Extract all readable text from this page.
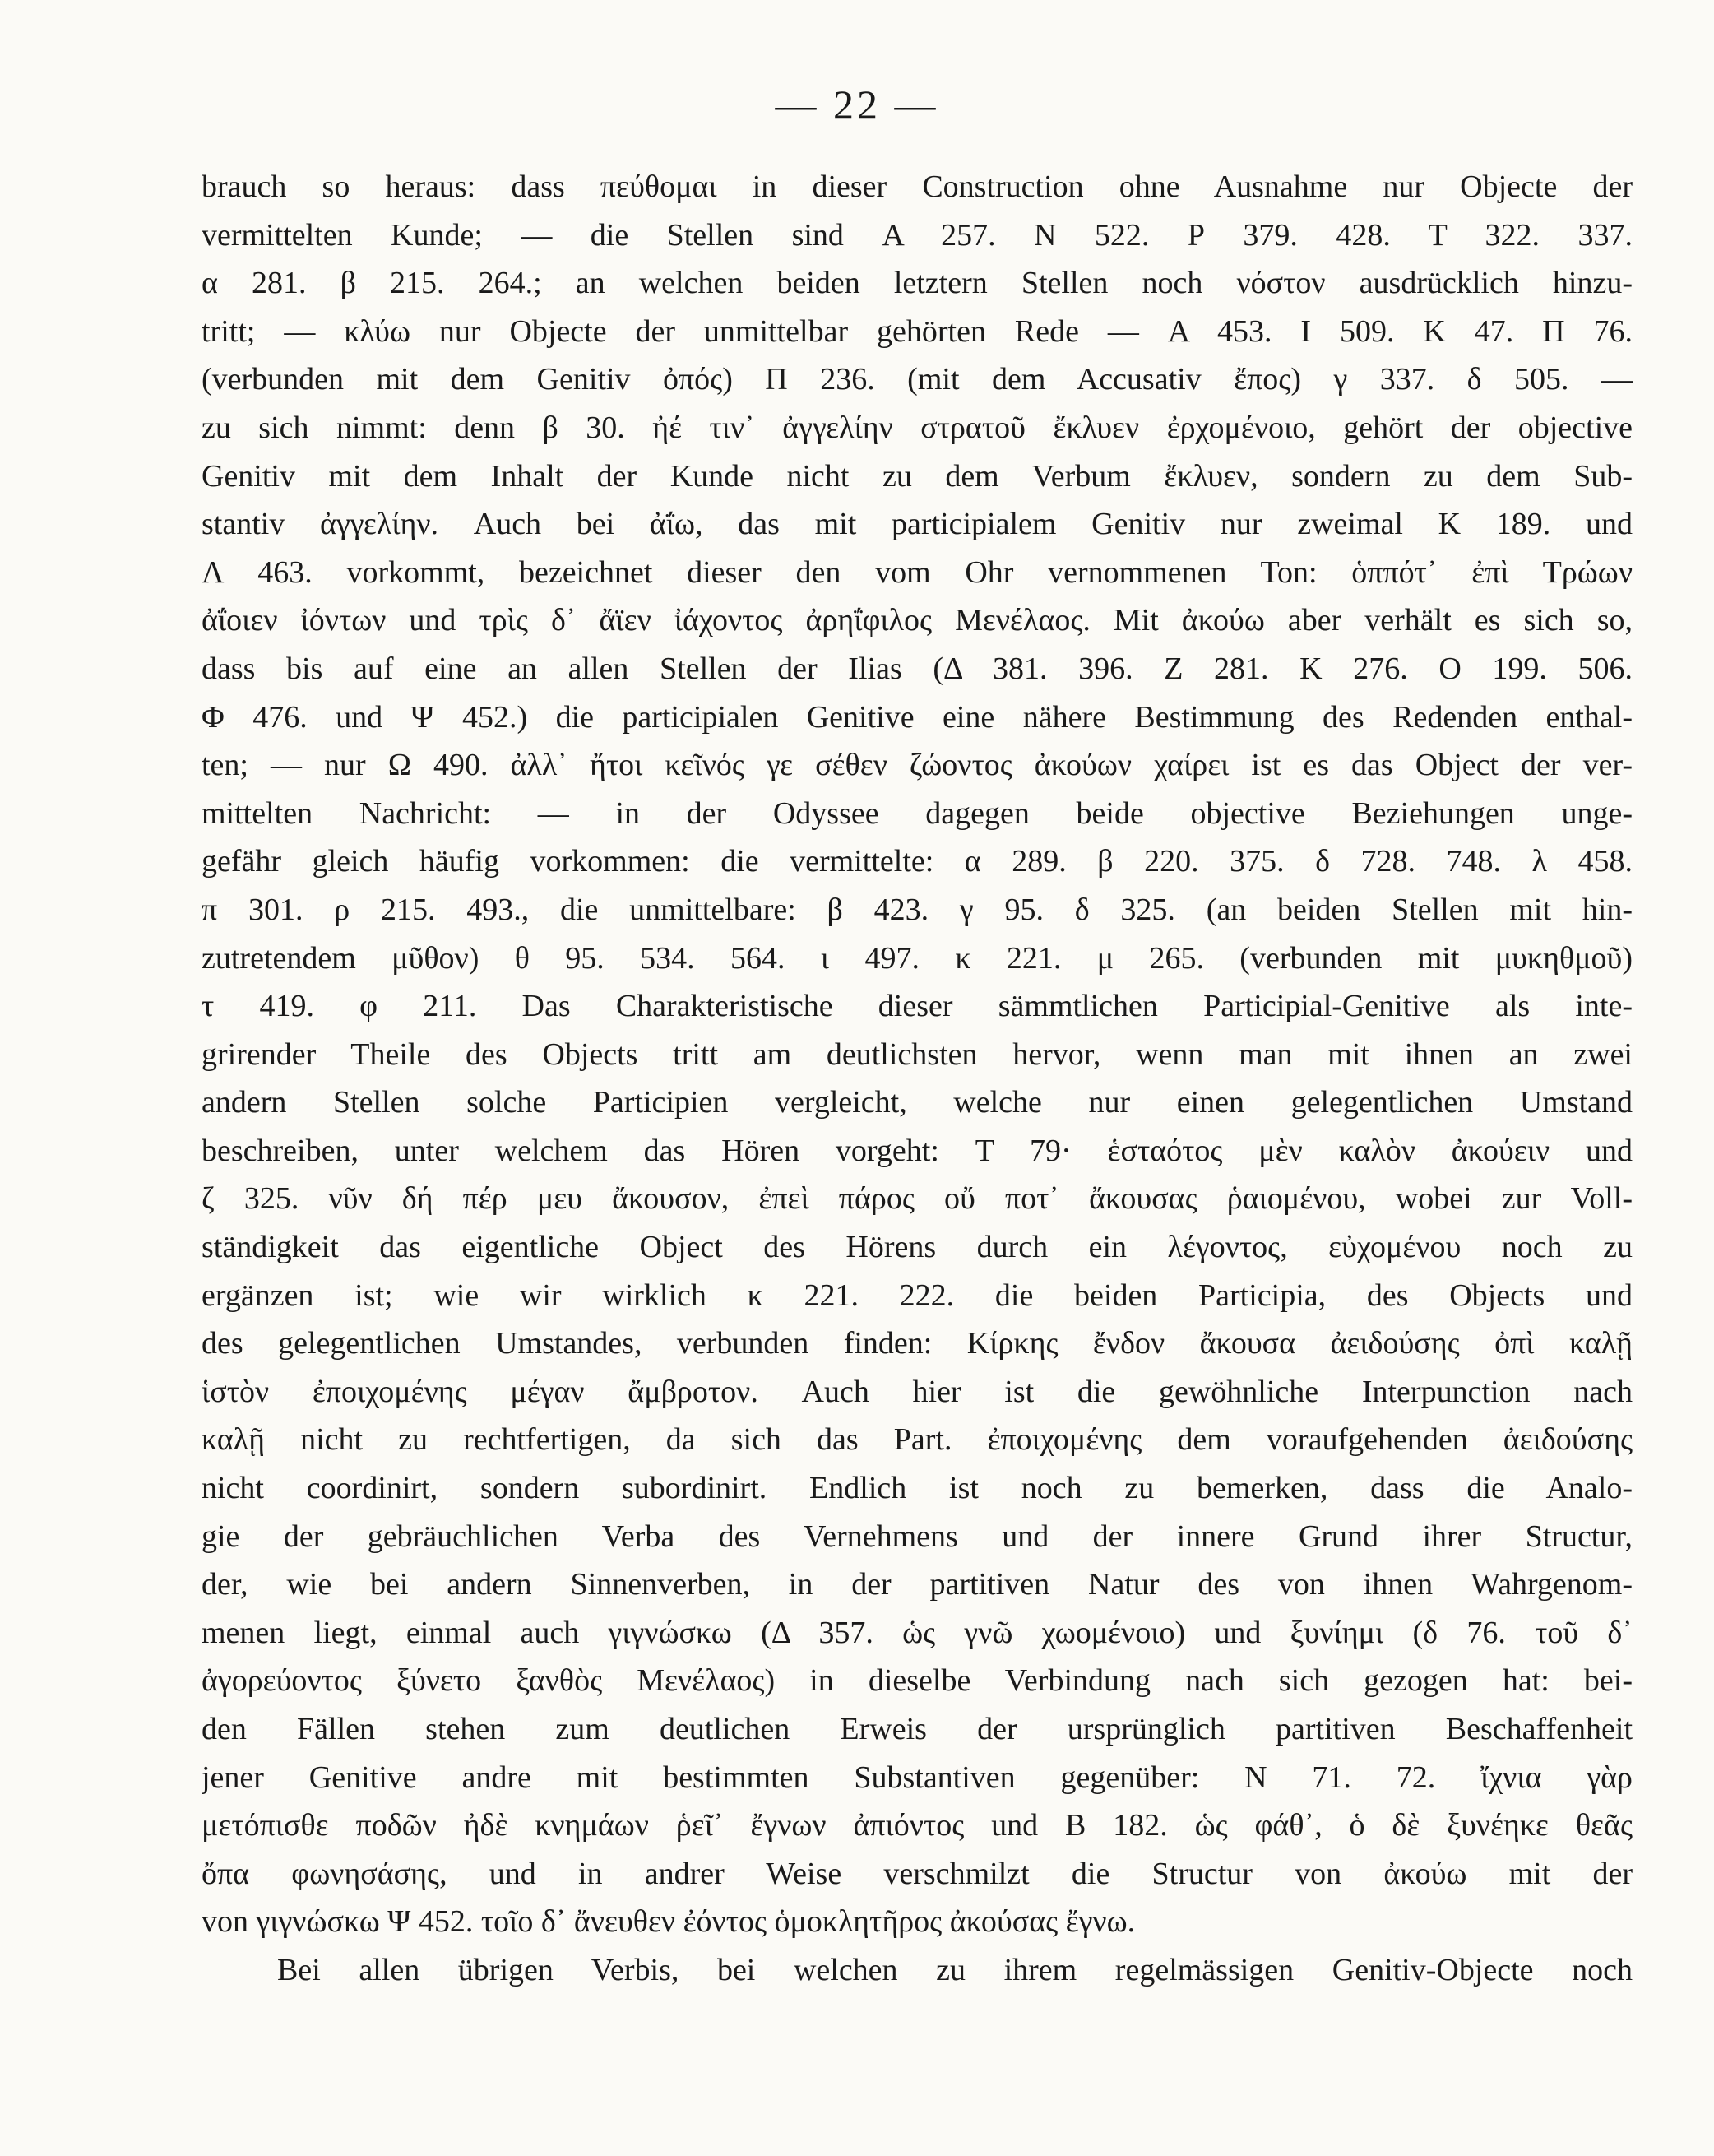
— 22 —
brauch so heraus: dass πεύθομαι in dieser Construction ohne Ausnahme nur Objecte der
vermittelten Kunde; — die Stellen sind Α 257. Ν 522. Ρ 379. 428. Τ 322. 337.
α 281. β 215. 264.; an welchen beiden letztern Stellen noch νόστον ausdrücklich hinzu-
tritt; — κλύω nur Objecte der unmittelbar gehörten Rede — Α 453. Ι 509. Κ 47. Π 76.
(verbunden mit dem Genitiv ὀπός) Π 236. (mit dem Accusativ ἔπος) γ 337. δ 505. —
zu sich nimmt: denn β 30. ἠέ τιν᾽ ἀγγελίην στρατοῦ ἔκλυεν ἐρχομένοιο, gehört der objective
Genitiv mit dem Inhalt der Kunde nicht zu dem Verbum ἔκλυεν, sondern zu dem Sub-
stantiv ἀγγελίην. Auch bei ἀΐω, das mit participialem Genitiv nur zweimal Κ 189. und
Λ 463. vorkommt, bezeichnet dieser den vom Ohr vernommenen Ton: ὁππότ᾽ ἐπὶ Τρώων
ἀΐοιεν ἰόντων und τρὶς δ᾽ ἄϊεν ἰάχοντος ἀρηΐφιλος Μενέλαος. Mit ἀκούω aber verhält es sich so,
dass bis auf eine an allen Stellen der Ilias (Δ 381. 396. Ζ 281. Κ 276. Ο 199. 506.
Φ 476. und Ψ 452.) die participialen Genitive eine nähere Bestimmung des Redenden enthal-
ten; — nur Ω 490. ἀλλ᾽ ἤτοι κεῖνός γε σέθεν ζώοντος ἀκούων χαίρει ist es das Object der ver-
mittelten Nachricht: — in der Odyssee dagegen beide objective Beziehungen unge-
gefähr gleich häufig vorkommen: die vermittelte: α 289. β 220. 375. δ 728. 748. λ 458.
π 301. ρ 215. 493., die unmittelbare: β 423. γ 95. δ 325. (an beiden Stellen mit hin-
zutretendem μῦθον) θ 95. 534. 564. ι 497. κ 221. μ 265. (verbunden mit μυκηθμοῦ)
τ 419. φ 211. Das Charakteristische dieser sämmtlichen Participial-Genitive als inte-
grirender Theile des Objects tritt am deutlichsten hervor, wenn man mit ihnen an zwei
andern Stellen solche Participien vergleicht, welche nur einen gelegentlichen Umstand
beschreiben, unter welchem das Hören vorgeht: Τ 79· ἑσταότος μὲν καλὸν ἀκούειν und
ζ 325. νῦν δή πέρ μευ ἄκουσον, ἐπεὶ πάρος οὔ ποτ᾽ ἄκουσας ῥαιομένου, wobei zur Voll-
ständigkeit das eigentliche Object des Hörens durch ein λέγοντος, εὐχομένου noch zu
ergänzen ist; wie wir wirklich κ 221. 222. die beiden Participia, des Objects und
des gelegentlichen Umstandes, verbunden finden: Κίρκης ἔνδον ἄκουσα ἀειδούσης ὀπὶ καλῇ
ἱστὸν ἐποιχομένης μέγαν ἄμβροτον. Auch hier ist die gewöhnliche Interpunction nach
καλῇ nicht zu rechtfertigen, da sich das Part. ἐποιχομένης dem voraufgehenden ἀειδούσης
nicht coordinirt, sondern subordinirt. Endlich ist noch zu bemerken, dass die Analo-
gie der gebräuchlichen Verba des Vernehmens und der innere Grund ihrer Structur,
der, wie bei andern Sinnenverben, in der partitiven Natur des von ihnen Wahrgenom-
menen liegt, einmal auch γιγνώσκω (Δ 357. ὡς γνῶ χωομένοιο) und ξυνίημι (δ 76. τοῦ δ᾽
ἀγορεύοντος ξύνετο ξανθὸς Μενέλαος) in dieselbe Verbindung nach sich gezogen hat: bei-
den Fällen stehen zum deutlichen Erweis der ursprünglich partitiven Beschaffenheit
jener Genitive andre mit bestimmten Substantiven gegenüber: Ν 71. 72. ἴχνια γὰρ
μετόπισθε ποδῶν ἠδὲ κνημάων ῥεῖ᾽ ἔγνων ἀπιόντος und Β 182. ὡς φάθ᾽, ὁ δὲ ξυνέηκε θεᾶς
ὄπα φωνησάσης, und in andrer Weise verschmilzt die Structur von ἀκούω mit der
von γιγνώσκω Ψ 452. τοῖο δ᾽ ἄνευθεν ἐόντος ὁμοκλητῆρος ἀκούσας ἔγνω.
Bei allen übrigen Verbis, bei welchen zu ihrem regelmässigen Genitiv-Objecte noch
